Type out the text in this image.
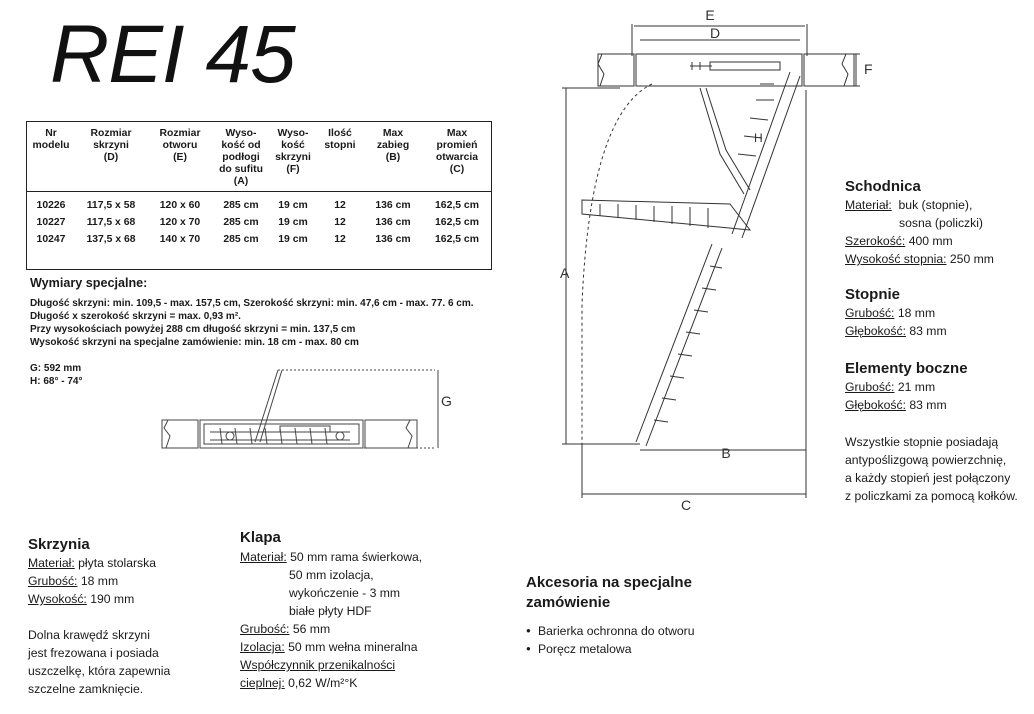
REI 45
Nr
modelu	Rozmiar
skrzyni
(D)	Rozmiar
otworu
(E)	Wyso-
kość od
podłogi
do sufitu
(A)	Wyso-
kość
skrzyni
(F)	Ilość
stopni	Max
zabieg
(B)	Max
promień
otwarcia
(C)
10226	117,5 x 58	120 x 60	285 cm	19 cm	12	136 cm	162,5 cm
10227	117,5 x 68	120 x 70	285 cm	19 cm	12	136 cm	162,5 cm
10247	137,5 x 68	140 x 70	285 cm	19 cm	12	136 cm	162,5 cm
Wymiary specjalne:
Długość skrzyni: min. 109,5 - max. 157,5 cm, Szerokość skrzyni: min. 47,6 cm - max. 77. 6 cm.
Długość x szerokość skrzyni = max. 0,93 m².
Przy wysokościach powyżej 288 cm długość skrzyni = min. 137,5 cm
Wysokość skrzyni na specjalne zamówienie: min. 18 cm - max. 80 cm
G: 592 mm
H: 68° - 74°
G
E
D
F
A
B
C
H
Schodnica
Materiał: buk (stopnie),
sosna (policzki)
Szerokość: 400 mm
Wysokość stopnia: 250 mm
Stopnie
Grubość: 18 mm
Głębokość: 83 mm
Elementy boczne
Grubość: 21 mm
Głębokość: 83 mm
Wszystkie stopnie posiadają
antypoślizgową powierzchnię,
a każdy stopień jest połączony
z policzkami za pomocą kołków.
Skrzynia
Materiał: płyta stolarska
Grubość: 18 mm
Wysokość: 190 mm
Dolna krawędź skrzyni
jest frezowana i posiada
uszczelkę, która zapewnia
szczelne zamknięcie.
Klapa
Materiał: 50 mm rama świerkowa,
50 mm izolacja,
wykończenie - 3 mm
białe płyty HDF
Grubość: 56 mm
Izolacja: 50 mm wełna mineralna
Współczynnik przenikalności
cieplnej: 0,62 W/m²°K
Akcesoria na specjalne
zamówienie
● Barierka ochronna do otworu
● Poręcz metalowa
